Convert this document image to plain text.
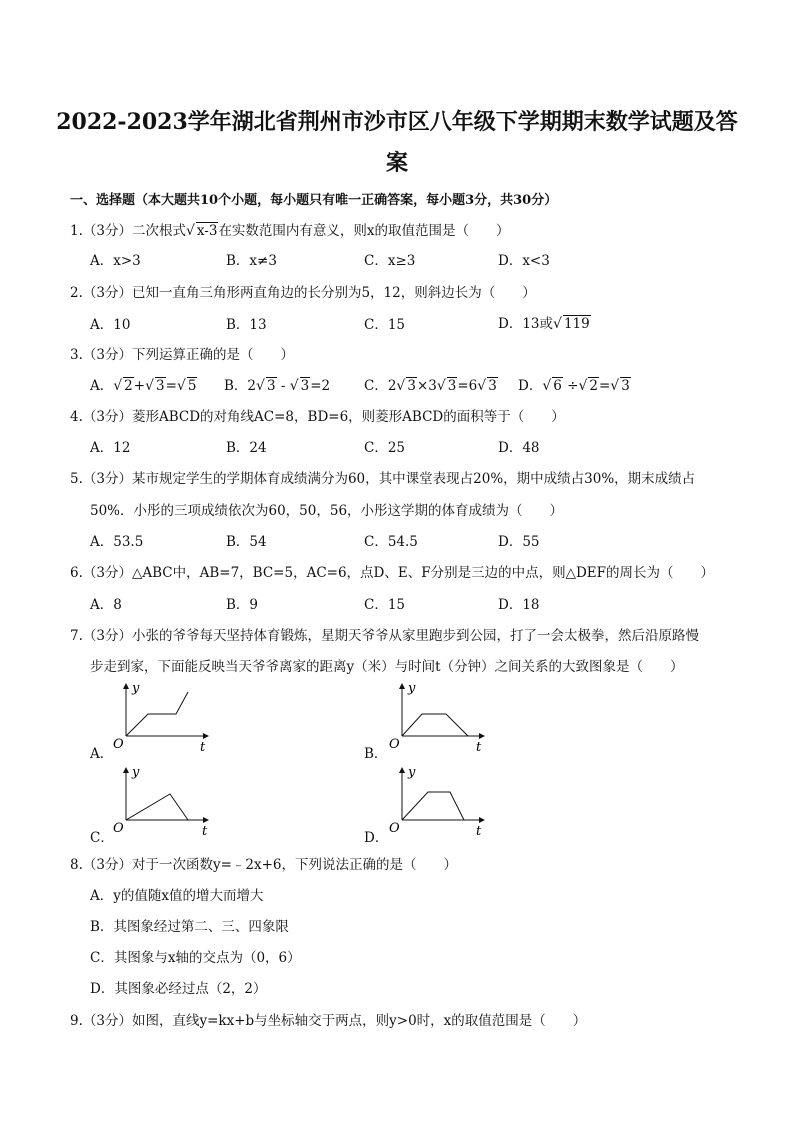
2022-2023学年湖北省荆州市沙市区八年级下学期期末数学试题及答
案
一、选择题（本大题共10个小题，每小题只有唯一正确答案，每小题3分，共30分）
1.（3分）二次根式√ x-3在实数范围内有意义，则x的取值范围是（　　）
A．x>3	B．x≠3	C．x≥3	D．x<3
2.（3分）已知一直角三角形两直角边的长分别为5，12，则斜边长为（　　）
A．10	B．13	C．15	D．13或√ 119
3.（3分）下列运算正确的是（　　）
A．√ 2+√ 3=√ 5 B．2√ 3 - √ 3=2	C．2√ 3×3√ 3=6√ 3 D．√ 6 ÷√ 2=√ 3
4.（3分）菱形ABCD的对角线AC=8，BD=6，则菱形ABCD的面积等于（　　）
A．12	B．24	C．25	D．48
5.（3分）某市规定学生的学期体育成绩满分为60，其中课堂表现占20%，期中成绩占30%，期末成绩占
50%．小彤的三项成绩依次为60，50，56，小彤这学期的体育成绩为（　　）
A．53.5	B．54	C．54.5	D．55
6.（3分）△ABC中，AB=7，BC=5，AC=6，点D、E、F分别是三边的中点，则△DEF的周长为（　　）
A．8	B．9	C．15	D．18
7.（3分）小张的爷爷每天坚持体育锻炼，星期天爷爷从家里跑步到公园，打了一会太极拳，然后沿原路慢
步走到家，下面能反映当天爷爷离家的距离y（米）与时间t（分钟）之间关系的大致图象是（　　）
A．
y
t
O
B．
y
t
O
C．
y
t
O
D．
y
t
O
8.（3分）对于一次函数y=﹣2x+6，下列说法正确的是（　　）
A．y的值随x值的增大而增大
B．其图象经过第二、三、四象限
C．其图象与x轴的交点为（0，6）
D．其图象必经过点（2，2）
9.（3分）如图，直线y=kx+b与坐标轴交于两点，则y>0时，x的取值范围是（　　）
